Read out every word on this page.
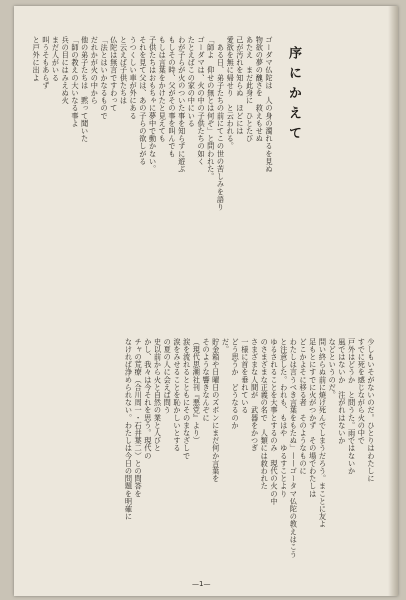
序にかえて
ゴーダマ仏陀は　人の身の濁れるを見ぬ
物欲の夢の醜さを　救えもせぬ
あたえ　まだ此身に　ひとたび
己が汚れを知らぬ　ほどには
愛欲を無に帰せり　と云われる。
　ある日、弟子たちの前にてこの世の苦しみを語り
「師よ　仰せの無とは何ぞ」と問われた。
ゴーダマは、火の中の子供たちの如く
たとえばこの家の中にいる
わが子らが火のついた事を知らずに遊ぶ
もしその時、父がその事を叫んでも
もしは言葉をかけたと見えても
子供たちはおもちゃに夢中で動かない。
それを見て父は、あの子らの欲しがる
うつくしい車が外にある
と云えば子供たちは
仏陀は無言ですわって
「法とはいかなるもので
だれかが火の中から
他の弟子たちは　黙って聞いた
「師の教えの大いなる事よ
兵の目にはみえぬ火
まだ人がいる
叫うそもあらず
と戸外に出よ
少しもいそがないのだ。ひとりはわたしに
すでに死を感じながら火の中で
戸外はどうか　と問うた。雨ではないか
風ではないか　注がれはないか
などというのだ。
問い終らぬ前に焼け死んでしまうだろう。まことに友よ
足もとにすでに火がつかず　その場でわたしは
どこかよそに移る者　そのようなものに
わたしは言うべき言葉をもたぬ」——ゴータマ仏陀の教えはこう
と注意した。われも、もはや　ゆるすことより
ゆるされることを大事とするのみ　現代の火の中
のさまざまな正義の名で　人類には救われた
さまざまな人間が　武器をかつぎ
一様に首を垂れている
どう思うか　どうなるのか
だ。
貯金箱や日曜日のズボンにまだ何か言葉を
そのような響きなんぞに
（現代思潮社刊『悪党』より）
涙を流れるとともにそのまなざしで
涙をみせることを恥かしいとする
の夏の人に会えば問う
史以前から火と自然の業と人びと
かし、我々は今それを思う。現代の
チャの荒療（合川周一・石井葉二）との問答を
なければ浄められない。わたしは今日の問題を明確に
—1—
